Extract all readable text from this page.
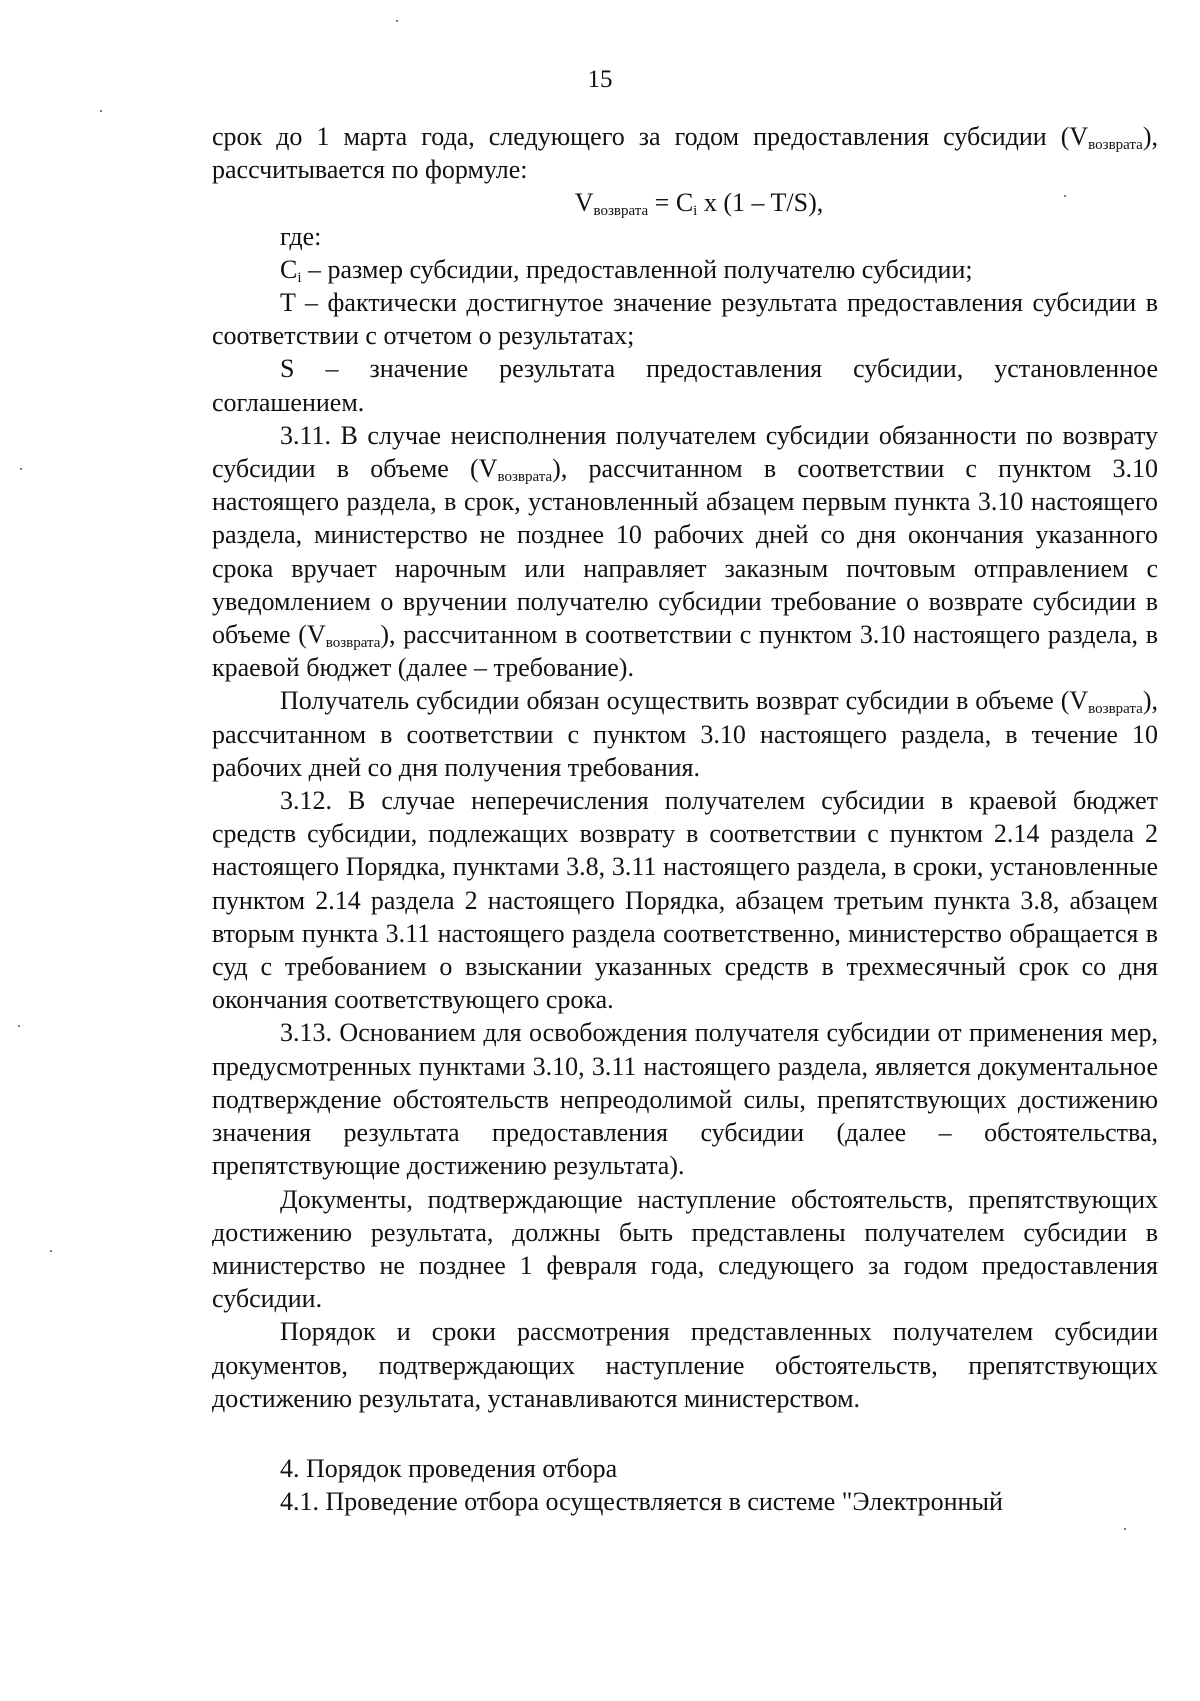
15

срок до 1 марта года, следующего за годом предоставления субсидии $(V_{возврата})$, рассчитывается по формуле:

$V_{возврата} = C_i$ x (1 – T/S),

где:

$C_i$ – размер субсидии, предоставленной получателю субсидии;

T – фактически достигнутое значение результата предоставления субсидии в соответствии с отчетом о результатах;

S – значение результата предоставления субсидии, установленное соглашением.

3.11. В случае неисполнения получателем субсидии обязанности по возврату субсидии в объеме $(V_{возврата})$, рассчитанном в соответствии с пунктом 3.10 настоящего раздела, в срок, установленный абзацем первым пункта 3.10 настоящего раздела, министерство не позднее 10 рабочих дней со дня окончания указанного срока вручает нарочным или направляет заказным почтовым отправлением с уведомлением о вручении получателю субсидии требование о возврате субсидии в объеме $(V_{возврата})$, рассчитанном в соответствии с пунктом 3.10 настоящего раздела, в краевой бюджет (далее – требование).

Получатель субсидии обязан осуществить возврат субсидии в объеме $(V_{возврата})$, рассчитанном в соответствии с пунктом 3.10 настоящего раздела, в течение 10 рабочих дней со дня получения требования.

3.12. В случае неперечисления получателем субсидии в краевой бюджет средств субсидии, подлежащих возврату в соответствии с пунктом 2.14 раздела 2 настоящего Порядка, пунктами 3.8, 3.11 настоящего раздела, в сроки, установленные пунктом 2.14 раздела 2 настоящего Порядка, абзацем третьим пункта 3.8, абзацем вторым пункта 3.11 настоящего раздела соответственно, министерство обращается в суд с требованием о взыскании указанных средств в трехмесячный срок со дня окончания соответствующего срока.

3.13. Основанием для освобождения получателя субсидии от применения мер, предусмотренных пунктами 3.10, 3.11 настоящего раздела, является документальное подтверждение обстоятельств непреодолимой силы, препятствующих достижению значения результата предоставления субсидии (далее – обстоятельства, препятствующие достижению результата).

Документы, подтверждающие наступление обстоятельств, препятствующих достижению результата, должны быть представлены получателем субсидии в министерство не позднее 1 февраля года, следующего за годом предоставления субсидии.

Порядок и сроки рассмотрения представленных получателем субсидии документов, подтверждающих наступление обстоятельств, препятствующих достижению результата, устанавливаются министерством.

4. Порядок проведения отбора

4.1. Проведение отбора осуществляется в системе "Электронный
